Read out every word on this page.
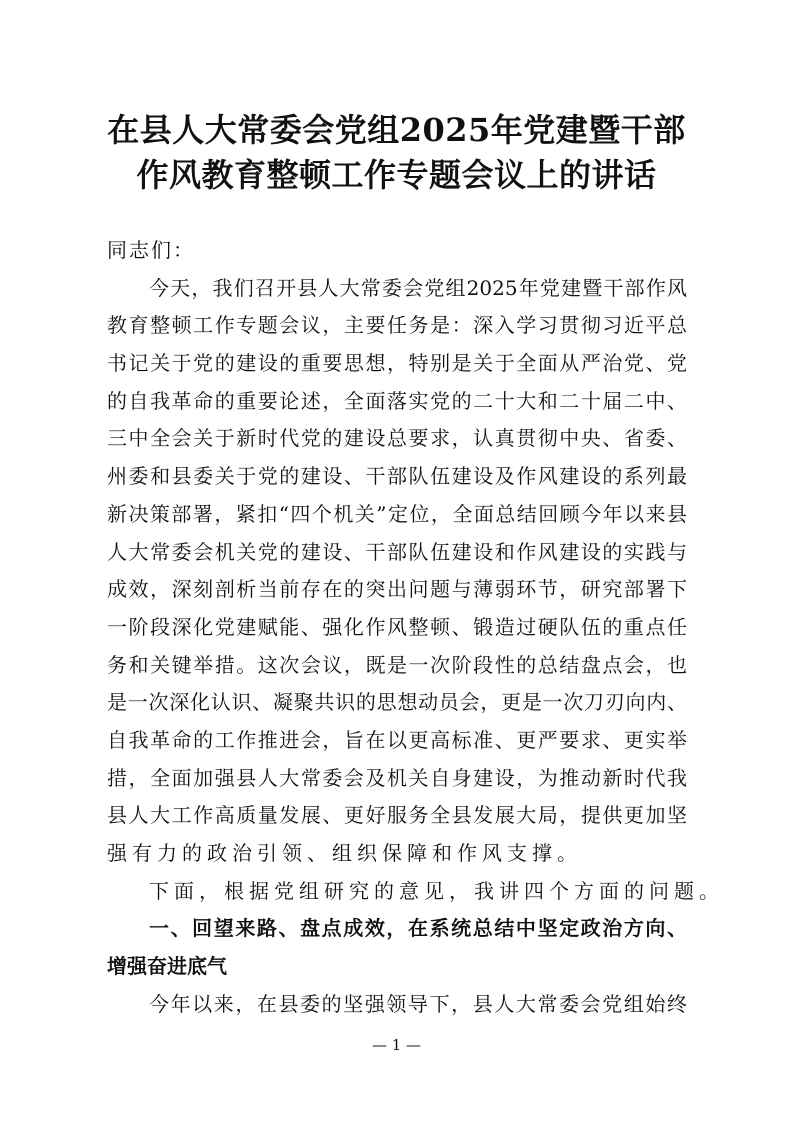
在县人大常委会党组2025年党建暨干部
作风教育整顿工作专题会议上的讲话
同志们：
今天，我们召开县人大常委会党组2025年党建暨干部作风
教育整顿工作专题会议，主要任务是：深入学习贯彻习近平总
书记关于党的建设的重要思想，特别是关于全面从严治党、党
的自我革命的重要论述，全面落实党的二十大和二十届二中、
三中全会关于新时代党的建设总要求，认真贯彻中央、省委、
州委和县委关于党的建设、干部队伍建设及作风建设的系列最
新决策部署，紧扣“四个机关”定位，全面总结回顾今年以来县
人大常委会机关党的建设、干部队伍建设和作风建设的实践与
成效，深刻剖析当前存在的突出问题与薄弱环节，研究部署下
一阶段深化党建赋能、强化作风整顿、锻造过硬队伍的重点任
务和关键举措。这次会议，既是一次阶段性的总结盘点会，也
是一次深化认识、凝聚共识的思想动员会，更是一次刀刃向内、
自我革命的工作推进会，旨在以更高标准、更严要求、更实举
措，全面加强县人大常委会及机关自身建设，为推动新时代我
县人大工作高质量发展、更好服务全县发展大局，提供更加坚
强有力的政治引领、组织保障和作风支撑。
下面，根据党组研究的意见，我讲四个方面的问题。
一、回望来路、盘点成效，在系统总结中坚定政治方向、
增强奋进底气
今年以来，在县委的坚强领导下，县人大常委会党组始终
— 1 —
